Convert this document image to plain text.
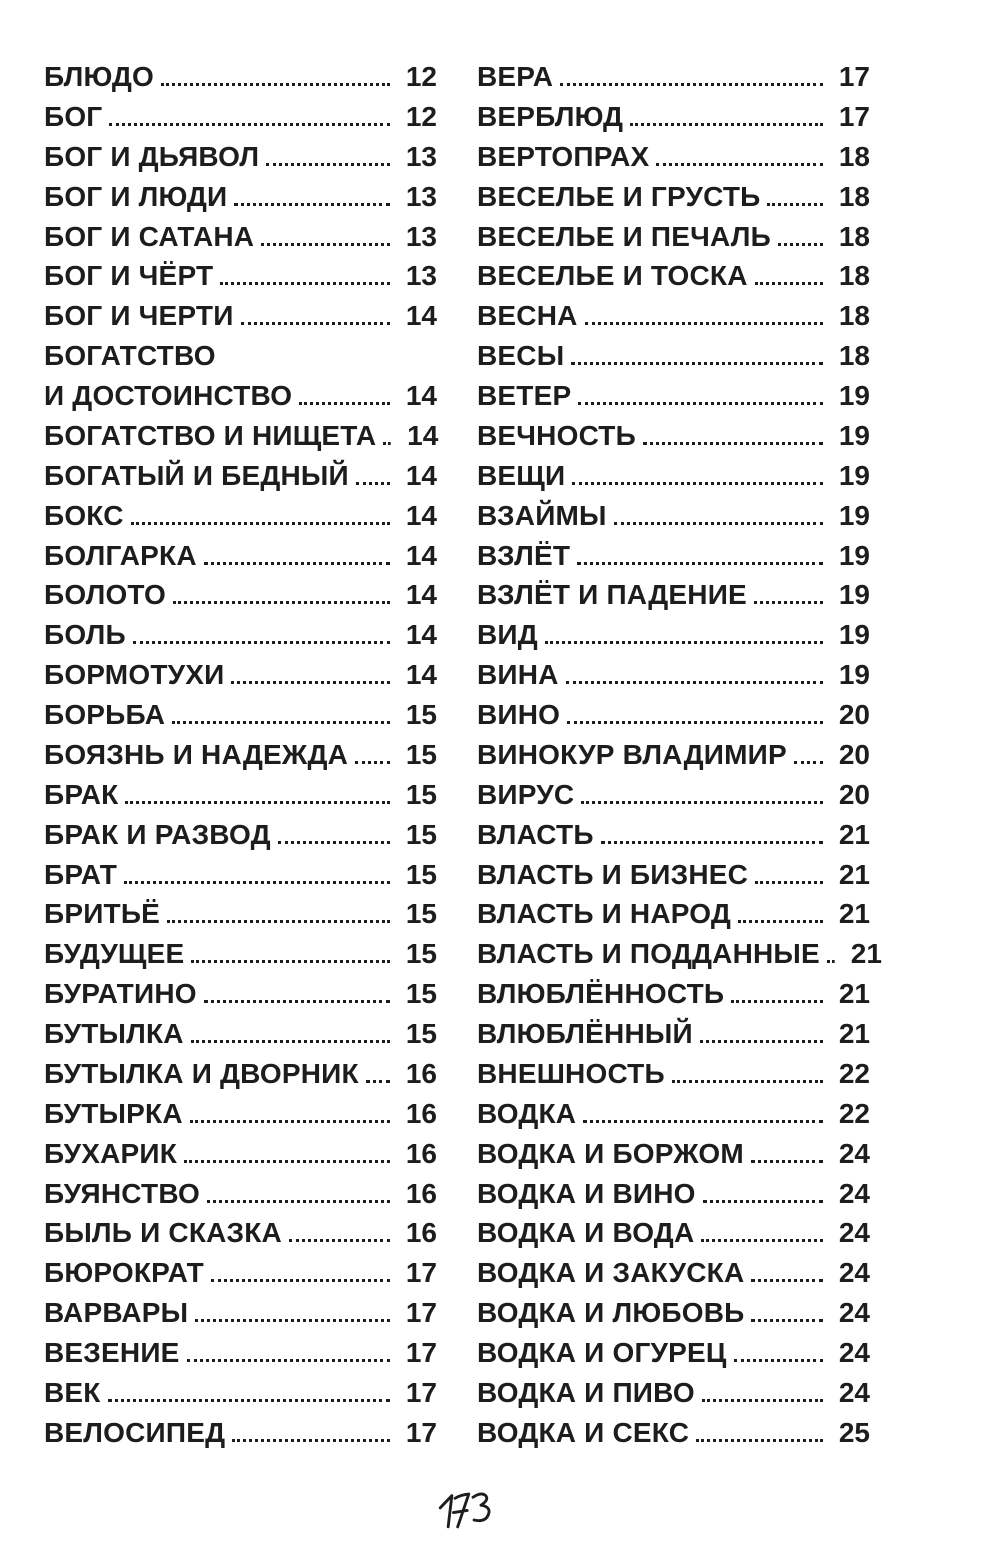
БЛЮДО	12
БОГ	12
БОГ И ДЬЯВОЛ	13
БОГ И ЛЮДИ	13
БОГ И САТАНА	13
БОГ И ЧЁРТ	13
БОГ И ЧЕРТИ	14
БОГАТСТВО
И ДОСТОИНСТВО	14
БОГАТСТВО И НИЩЕТА 14
БОГАТЫЙ И БЕДНЫЙ 14
БОКС	14
БОЛГАРКА	14
БОЛОТО	14
БОЛЬ	14
БОРМОТУХИ	14
БОРЬБА	15
БОЯЗНЬ И НАДЕЖДА 15
БРАК	15
БРАК И РАЗВОД	15
БРАТ	15
БРИТЬЁ	15
БУДУЩЕЕ	15
БУРАТИНО	15
БУТЫЛКА	15
БУТЫЛКА И ДВОРНИК 16
БУТЫРКА	16
БУХАРИК	16
БУЯНСТВО	16
БЫЛЬ И СКАЗКА	16
БЮРОКРАТ	17
ВАРВАРЫ	17
ВЕЗЕНИЕ	17
ВЕК	17
ВЕЛОСИПЕД	17
ВЕРА	17
ВЕРБЛЮД	17
ВЕРТОПРАХ	18
ВЕСЕЛЬЕ И ГРУСТЬ	18
ВЕСЕЛЬЕ И ПЕЧАЛЬ 18
ВЕСЕЛЬЕ И ТОСКА	18
ВЕСНА	18
ВЕСЫ	18
ВЕТЕР	19
ВЕЧНОСТЬ	19
ВЕЩИ	19
ВЗАЙМЫ	19
ВЗЛЁТ	19
ВЗЛЁТ И ПАДЕНИЕ	19
ВИД	19
ВИНА	19
ВИНО	20
ВИНОКУР ВЛАДИМИР 20
ВИРУС	20
ВЛАСТЬ	21
ВЛАСТЬ И БИЗНЕС	21
ВЛАСТЬ И НАРОД	21
ВЛАСТЬ И ПОДДАННЫЕ 21
ВЛЮБЛЁННОСТЬ	21
ВЛЮБЛЁННЫЙ	21
ВНЕШНОСТЬ	22
ВОДКА	22
ВОДКА И БОРЖОМ	24
ВОДКА И ВИНО	24
ВОДКА И ВОДА	24
ВОДКА И ЗАКУСКА	24
ВОДКА И ЛЮБОВЬ	24
ВОДКА И ОГУРЕЦ	24
ВОДКА И ПИВО	24
ВОДКА И СЕКС	25
